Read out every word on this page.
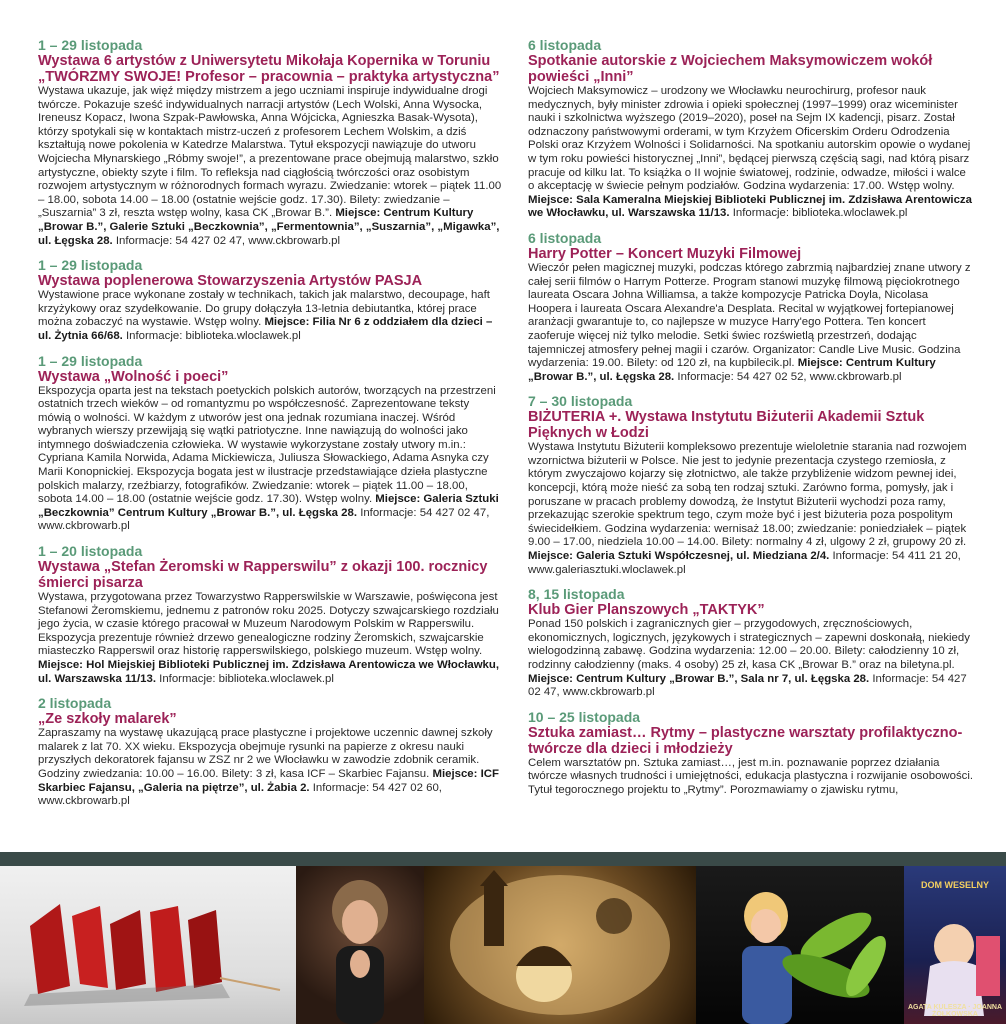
1 – 29 listopada
Wystawa 6 artystów z Uniwersytetu Mikołaja Kopernika w Toruniu „TWÓRZMY SWOJE! Profesor – pracownia – praktyka artystyczna”
Wystawa ukazuje, jak więź między mistrzem a jego uczniami inspiruje indywidualne drogi twórcze. Pokazuje sześć indywidualnych narracji artystów (Lech Wolski, Anna Wysocka, Ireneusz Kopacz, Iwona Szpak-Pawłowska, Anna Wójcicka, Agnieszka Basak-Wysota), którzy spotykali się w kontaktach mistrz-uczeń z profesorem Lechem Wolskim, a dziś kształtują nowe pokolenia w Katedrze Malarstwa. Tytuł ekspozycji nawiązuje do utworu Wojciecha Młynarskiego „Róbmy swoje!”, a prezentowane prace obejmują malarstwo, szkło artystyczne, obiekty szyte i film. To refleksja nad ciągłością twórczości oraz osobistym rozwojem artystycznym w różnorodnych formach wyrazu. Zwiedzanie: wtorek – piątek 11.00 – 18.00, sobota 14.00 – 18.00 (ostatnie wejście godz. 17.30). Bilety: zwiedzanie – „Suszarnia” 3 zł, reszta wstęp wolny, kasa CK „Browar B.”. Miejsce: Centrum Kultury „Browar B.”, Galerie Sztuki „Beczkownia”, „Fermentownia”, „Suszarnia”, „Migawka”, ul. Łęgska 28. Informacje: 54 427 02 47, www.ckbrowarb.pl
1 – 29 listopada
Wystawa poplenerowa Stowarzyszenia Artystów PASJA
Wystawione prace wykonane zostały w technikach, takich jak malarstwo, decoupage, haft krzyżykowy oraz szydełkowanie. Do grupy dołączyła 13-letnia debiutantka, której prace można zobaczyć na wystawie. Wstęp wolny. Miejsce: Filia Nr 6 z oddziałem dla dzieci – ul. Żytnia 66/68. Informacje: biblioteka.wloclawek.pl
1 – 29 listopada
Wystawa „Wolność i poeci”
Ekspozycja oparta jest na tekstach poetyckich polskich autorów, tworzących na przestrzeni ostatnich trzech wieków – od romantyzmu po współczesność. Zaprezentowane teksty mówią o wolności. W każdym z utworów jest ona jednak rozumiana inaczej. Wśród wybranych wierszy przewijają się wątki patriotyczne. Inne nawiązują do wolności jako intymnego doświadczenia człowieka. W wystawie wykorzystane zostały utwory m.in.: Cypriana Kamila Norwida, Adama Mickiewicza, Juliusza Słowackiego, Adama Asnyka czy Marii Konopnickiej. Ekspozycja bogata jest w ilustracje przedstawiające dzieła plastyczne polskich malarzy, rzeźbiarzy, fotografików. Zwiedzanie: wtorek – piątek 11.00 – 18.00, sobota 14.00 – 18.00 (ostatnie wejście godz. 17.30). Wstęp wolny. Miejsce: Galeria Sztuki „Beczkownia” Centrum Kultury „Browar B.”, ul. Łęgska 28. Informacje: 54 427 02 47, www.ckbrowarb.pl
1 – 20 listopada
Wystawa „Stefan Żeromski w Rapperswilu” z okazji 100. rocznicy śmierci pisarza
Wystawa, przygotowana przez Towarzystwo Rapperswilskie w Warszawie, poświęcona jest Stefanowi Żeromskiemu, jednemu z patronów roku 2025. Dotyczy szwajcarskiego rozdziału jego życia, w czasie którego pracował w Muzeum Narodowym Polskim w Rapperswilu. Ekspozycja prezentuje również drzewo genealogiczne rodziny Żeromskich, szwajcarskie miasteczko Rapperswil oraz historię rapperswilskiego, polskiego muzeum. Wstęp wolny. Miejsce: Hol Miejskiej Biblioteki Publicznej im. Zdzisława Arentowicza we Włocławku, ul. Warszawska 11/13. Informacje: biblioteka.wloclawek.pl
2 listopada
„Ze szkoły malarek”
Zapraszamy na wystawę ukazującą prace plastyczne i projektowe uczennic dawnej szkoły malarek z lat 70. XX wieku. Ekspozycja obejmuje rysunki na papierze z okresu nauki przyszłych dekoratorek fajansu w ZSZ nr 2 we Włocławku w zawodzie zdobnik ceramik. Godziny zwiedzania: 10.00 – 16.00. Bilety: 3 zł, kasa ICF – Skarbiec Fajansu. Miejsce: ICF Skarbiec Fajansu, „Galeria na piętrze”, ul. Żabia 2. Informacje: 54 427 02 60, www.ckbrowarb.pl
6 listopada
Spotkanie autorskie z Wojciechem Maksymowiczem wokół powieści „Inni”
Wojciech Maksymowicz – urodzony we Włocławku neurochirurg, profesor nauk medycznych, były minister zdrowia i opieki społecznej (1997–1999) oraz wiceminister nauki i szkolnictwa wyższego (2019–2020), poseł na Sejm IX kadencji, pisarz. Został odznaczony państwowymi orderami, w tym Krzyżem Oficerskim Orderu Odrodzenia Polski oraz Krzyżem Wolności i Solidarności. Na spotkaniu autorskim opowie o wydanej w tym roku powieści historycznej „Inni”, będącej pierwszą częścią sagi, nad którą pisarz pracuje od kilku lat. To książka o II wojnie światowej, rodzinie, odwadze, miłości i walce o akceptację w świecie pełnym podziałów. Godzina wydarzenia: 17.00. Wstęp wolny. Miejsce: Sala Kameralna Miejskiej Biblioteki Publicznej im. Zdzisława Arentowicza we Włocławku, ul. Warszawska 11/13. Informacje: biblioteka.wloclawek.pl
6 listopada
Harry Potter – Koncert Muzyki Filmowej
Wieczór pełen magicznej muzyki, podczas którego zabrzmią najbardziej znane utwory z całej serii filmów o Harrym Potterze. Program stanowi muzykę filmową pięciokrotnego laureata Oscara Johna Williamsa, a także kompozycje Patricka Doyla, Nicolasa Hoopera i laureata Oscara Alexandre'a Desplata. Recital w wyjątkowej fortepianowej aranżacji gwarantuje to, co najlepsze w muzyce Harry'ego Pottera. Ten koncert zaoferuje więcej niż tylko melodie. Setki świec rozświetlą przestrzeń, dodając tajemniczej atmosfery pełnej magii i czarów. Organizator: Candle Live Music. Godzina wydarzenia: 19.00. Bilety: od 120 zł, na kupbilecik.pl. Miejsce: Centrum Kultury „Browar B.”, ul. Łęgska 28. Informacje: 54 427 02 52, www.ckbrowarb.pl
7 – 30 listopada
BIŻUTERIA +. Wystawa Instytutu Biżuterii Akademii Sztuk Pięknych w Łodzi
Wystawa Instytutu Biżuterii kompleksowo prezentuje wieloletnie starania nad rozwojem wzornictwa biżuterii w Polsce. Nie jest to jedynie prezentacja czystego rzemiosła, z którym zwyczajowo kojarzy się złotnictwo, ale także przybliżenie widzom pewnej idei, koncepcji, którą może nieść za sobą ten rodzaj sztuki. Zarówno forma, pomysły, jak i poruszane w pracach problemy dowodzą, że Instytut Biżuterii wychodzi poza ramy, przekazując szerokie spektrum tego, czym może być i jest biżuteria poza pospolitym świecidełkiem. Godzina wydarzenia: wernisaż 18.00; zwiedzanie: poniedziałek – piątek 9.00 – 17.00, niedziela 10.00 – 14.00. Bilety: normalny 4 zł, ulgowy 2 zł, grupowy 20 zł. Miejsce: Galeria Sztuki Współczesnej, ul. Miedziana 2/4. Informacje: 54 411 21 20, www.galeriasztuki.wloclawek.pl
8, 15 listopada
Klub Gier Planszowych „TAKTYK”
Ponad 150 polskich i zagranicznych gier – przygodowych, zręcznościowych, ekonomicznych, logicznych, językowych i strategicznych – zapewni doskonałą, niekiedy wielogodzinną zabawę. Godzina wydarzenia: 12.00 – 20.00. Bilety: całodzienny 10 zł, rodzinny całodzienny (maks. 4 osoby) 25 zł, kasa CK „Browar B.” oraz na biletyna.pl. Miejsce: Centrum Kultury „Browar B.”, Sala nr 7, ul. Łęgska 28. Informacje: 54 427 02 47, www.ckbrowarb.pl
10 – 25 listopada
Sztuka zamiast… Rytmy – plastyczne warsztaty profilaktyczno-twórcze dla dzieci i młodzieży
Celem warsztatów pn. Sztuka zamiast…, jest m.in. poznawanie poprzez działania twórcze własnych trudności i umiejętności, edukacja plastyczna i rozwijanie osobowości. Tytuł tegorocznego projektu to „Rytmy”. Porozmawiamy o zjawisku rytmu,
DOM WESELNY
AGATA KULESZA · JOANNA ŻÓŁKOWSKA
